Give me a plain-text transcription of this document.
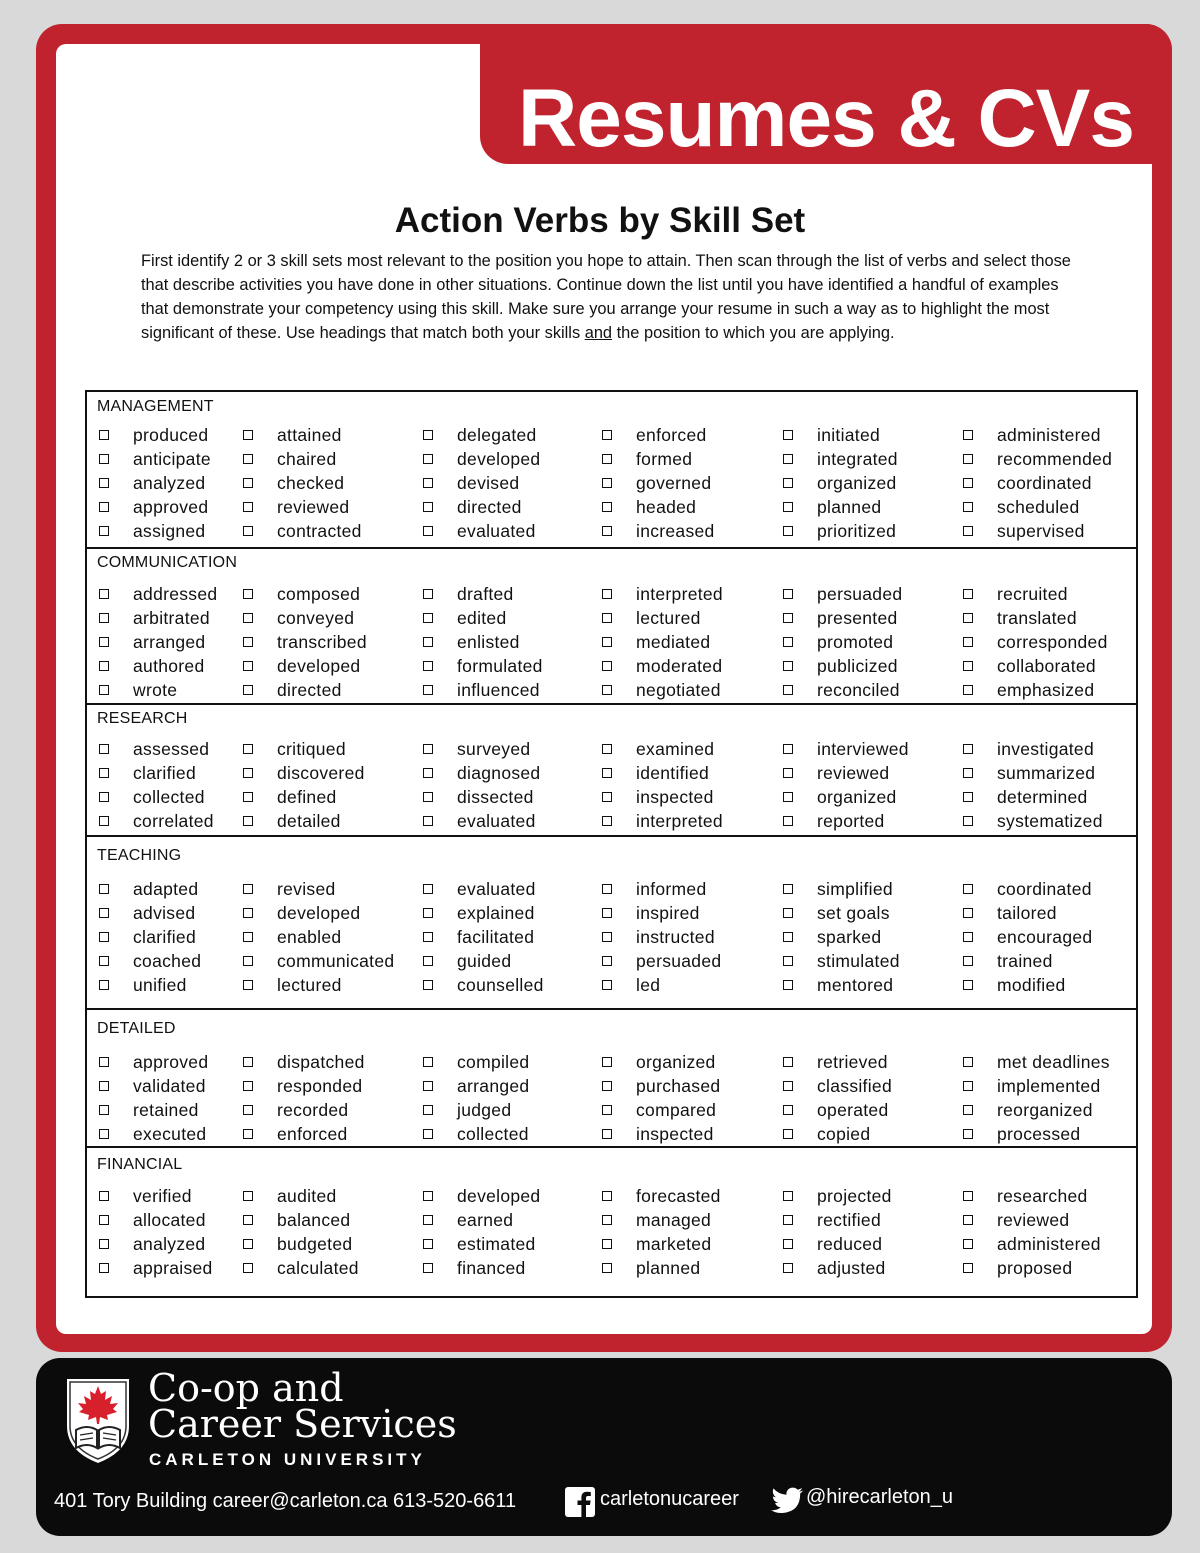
Resumes & CVs
Action Verbs by Skill Set

First identify 2 or 3 skill sets most relevant to the position you hope to attain. Then scan through the list of verbs and select those that describe activities you have done in other situations. Continue down the list until you have identified a handful of examples that demonstrate your competency using this skill. Make sure you arrange your resume in such a way as to highlight the most significant of these. Use headings that match both your skills and the position to which you are applying.

MANAGEMENT
produced
anticipate
analyzed
approved
assigned
attained
chaired
checked
reviewed
contracted
delegated
developed
devised
directed
evaluated
enforced
formed
governed
headed
increased
initiated
integrated
organized
planned
prioritized
administered
recommended
coordinated
scheduled
supervised
COMMUNICATION
addressed
arbitrated
arranged
authored
wrote
composed
conveyed
transcribed
developed
directed
drafted
edited
enlisted
formulated
influenced
interpreted
lectured
mediated
moderated
negotiated
persuaded
presented
promoted
publicized
reconciled
recruited
translated
corresponded
collaborated
emphasized
RESEARCH
assessed
clarified
collected
correlated
critiqued
discovered
defined
detailed
surveyed
diagnosed
dissected
evaluated
examined
identified
inspected
interpreted
interviewed
reviewed
organized
reported
investigated
summarized
determined
systematized
TEACHING
adapted
advised
clarified
coached
unified
revised
developed
enabled
communicated
lectured
evaluated
explained
facilitated
guided
counselled
informed
inspired
instructed
persuaded
led
simplified
set goals
sparked
stimulated
mentored
coordinated
tailored
encouraged
trained
modified
DETAILED
approved
validated
retained
executed
dispatched
responded
recorded
enforced
compiled
arranged
judged
collected
organized
purchased
compared
inspected
retrieved
classified
operated
copied
met deadlines
implemented
reorganized
processed
FINANCIAL
verified
allocated
analyzed
appraised
audited
balanced
budgeted
calculated
developed
earned
estimated
financed
forecasted
managed
marketed
planned
projected
rectified
reduced
adjusted
researched
reviewed
administered
proposed
Co-op and
Career Services
CARLETON UNIVERSITY
401 Tory Building career@carleton.ca 613-520-6611	carletonucareer	@hirecarleton_u
